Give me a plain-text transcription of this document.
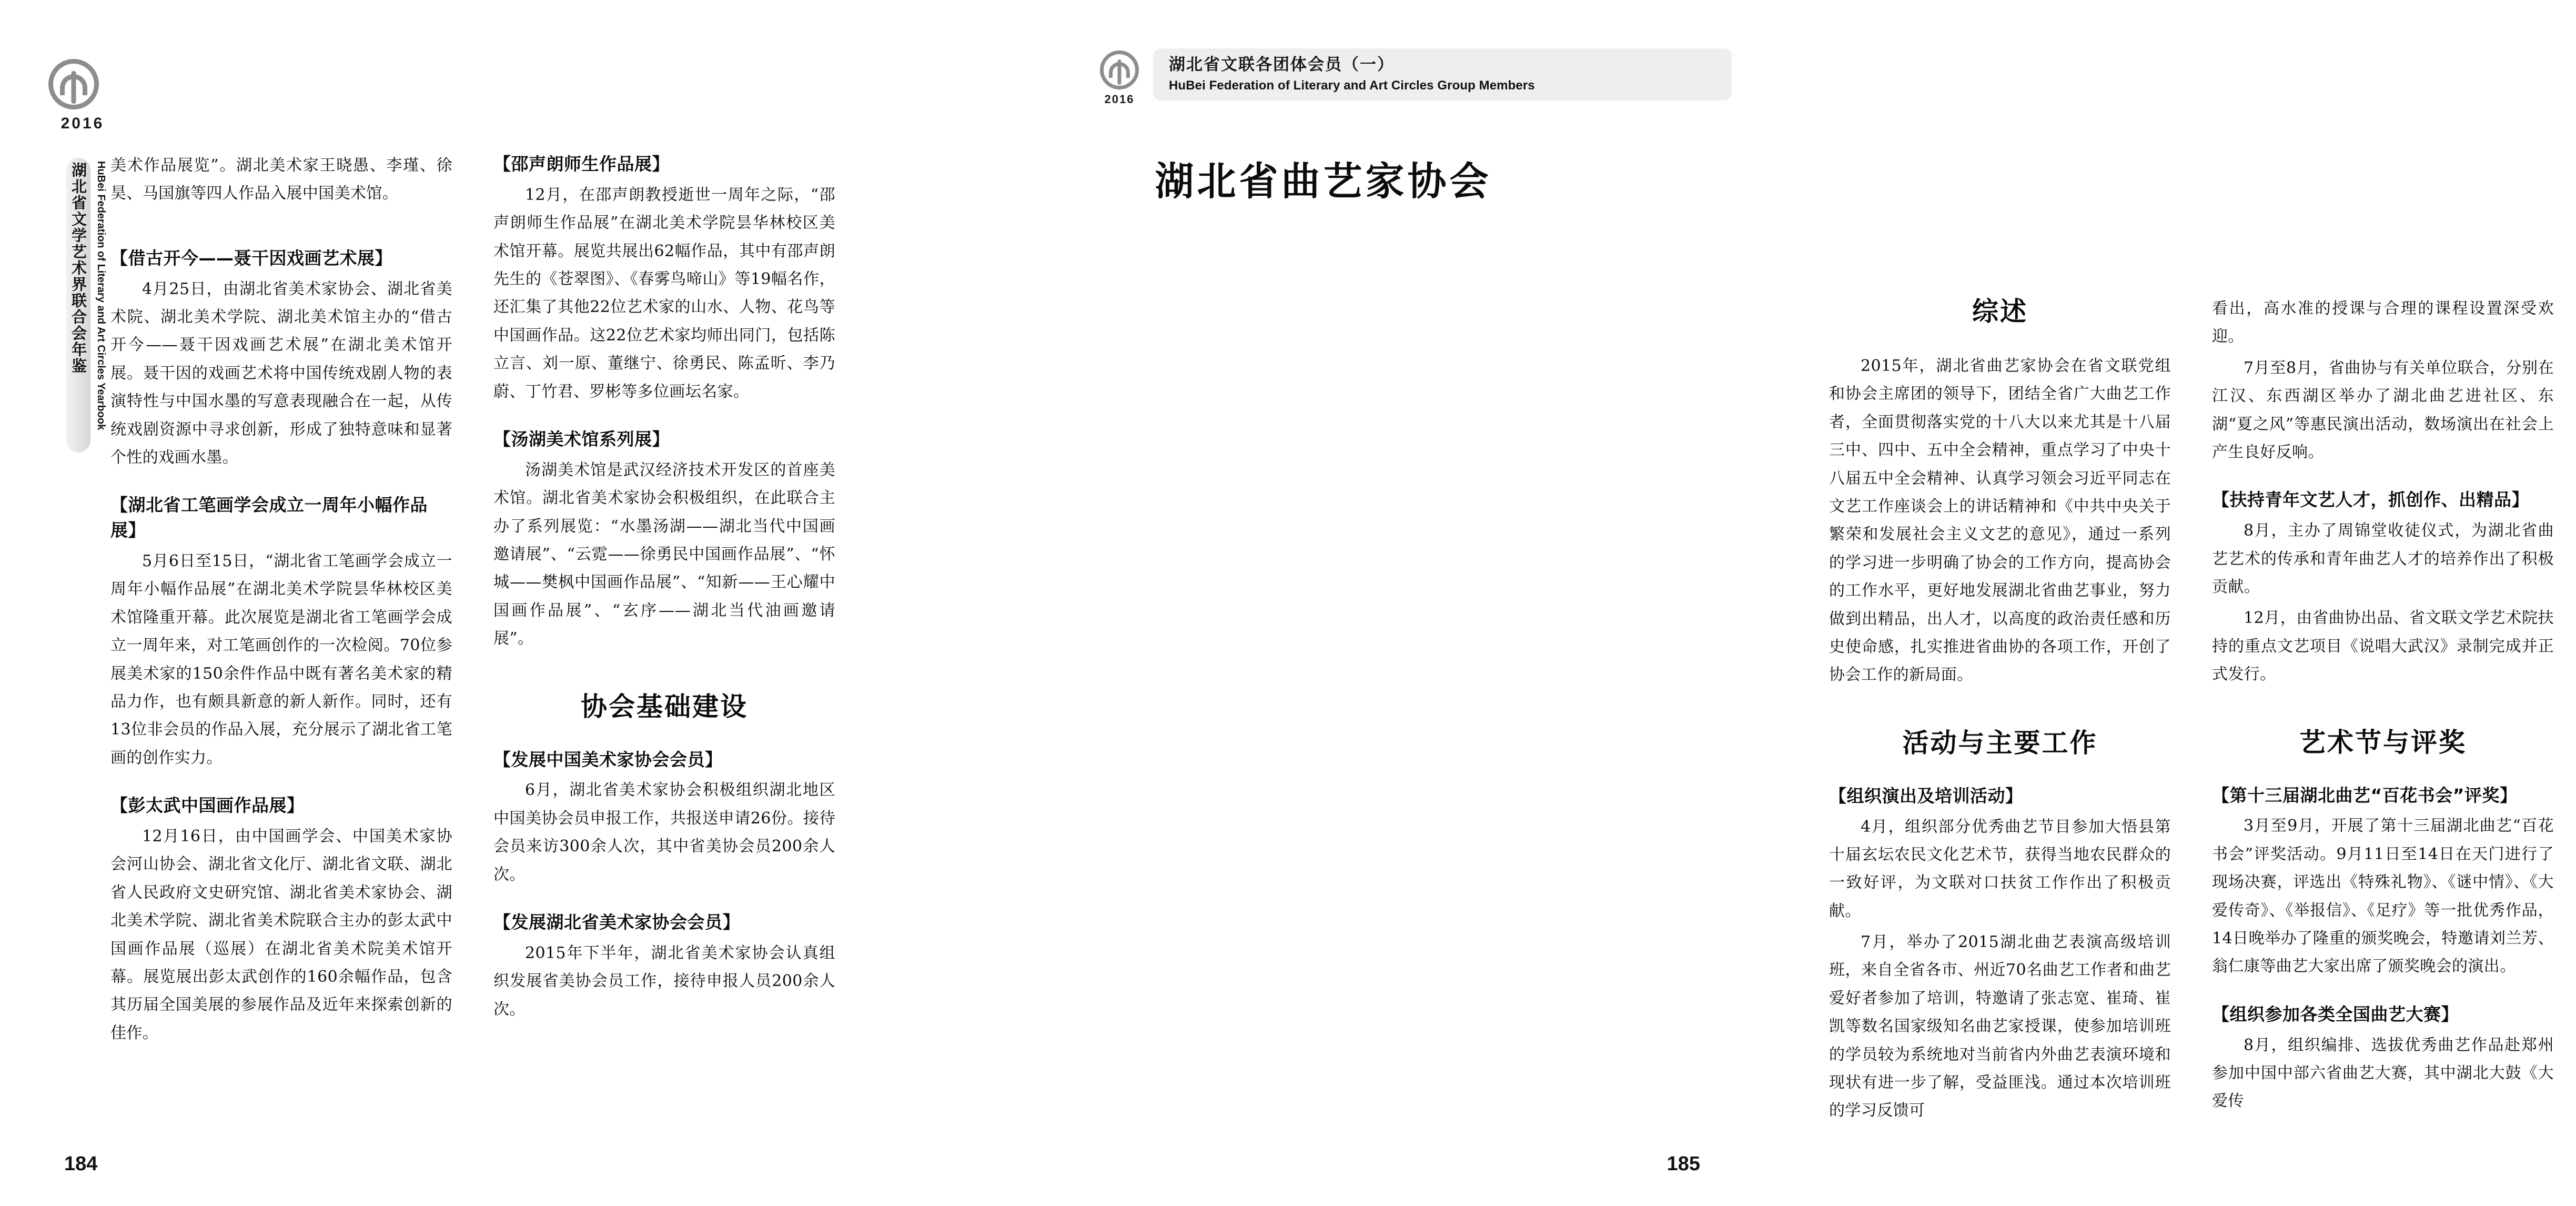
2016
湖北省文学艺术界联合会年鉴 HuBei Federation of Literary and Art Circles Yearbook 美术作品展览”。湖北美术家王晓愚、李瑾、徐昊、马国旗等四人作品入展中国美术馆。

【借古开今——聂干因戏画艺术展】

4月25日，由湖北省美术家协会、湖北省美术院、湖北美术学院、湖北美术馆主办的“借古开今——聂干因戏画艺术展”在湖北美术馆开展。聂干因的戏画艺术将中国传统戏剧人物的表演特性与中国水墨的写意表现融合在一起，从传统戏剧资源中寻求创新，形成了独特意味和显著个性的戏画水墨。

【湖北省工笔画学会成立一周年小幅作品展】

5月6日至15日，“湖北省工笔画学会成立一周年小幅作品展”在湖北美术学院昙华林校区美术馆隆重开幕。此次展览是湖北省工笔画学会成立一周年来，对工笔画创作的一次检阅。70位参展美术家的150余件作品中既有著名美术家的精品力作，也有颇具新意的新人新作。同时，还有13位非会员的作品入展，充分展示了湖北省工笔画的创作实力。

【彭太武中国画作品展】

12月16日，由中国画学会、中国美术家协会河山协会、湖北省文化厅、湖北省文联、湖北省人民政府文史研究馆、湖北省美术家协会、湖北美术学院、湖北省美术院联合主办的彭太武中国画作品展（巡展）在湖北省美术院美术馆开幕。展览展出彭太武创作的160余幅作品，包含其历届全国美展的参展作品及近年来探索创新的佳作。

【邵声朗师生作品展】

12月，在邵声朗教授逝世一周年之际，“邵声朗师生作品展”在湖北美术学院昙华林校区美术馆开幕。展览共展出62幅作品，其中有邵声朗先生的《苍翠图》、《春雾鸟啼山》等19幅名作，还汇集了其他22位艺术家的山水、人物、花鸟等中国画作品。这22位艺术家均师出同门，包括陈立言、刘一原、董继宁、徐勇民、陈孟昕、李乃蔚、丁竹君、罗彬等多位画坛名家。

【汤湖美术馆系列展】

汤湖美术馆是武汉经济技术开发区的首座美术馆。湖北省美术家协会积极组织，在此联合主办了系列展览：“水墨汤湖——湖北当代中国画邀请展”、“云霓——徐勇民中国画作品展”、“怀城——樊枫中国画作品展”、“知新——王心耀中国画作品展”、“玄序——湖北当代油画邀请展”。

协会基础建设
【发展中国美术家协会会员】

6月，湖北省美术家协会积极组织湖北地区中国美协会员申报工作，共报送申请26份。接待会员来访300余人次，其中省美协会员200余人次。

【发展湖北省美术家协会会员】

2015年下半年，湖北省美术家协会认真组织发展省美协会员工作，接待申报人员200余人次。

184
2016
湖北省文联各团体会员（一）
HuBei Federation of Literary and Art Circles Group Members
湖北省曲艺家协会
综述

2015年，湖北省曲艺家协会在省文联党组和协会主席团的领导下，团结全省广大曲艺工作者，全面贯彻落实党的十八大以来尤其是十八届三中、四中、五中全会精神，重点学习了中央十八届五中全会精神、认真学习领会习近平同志在文艺工作座谈会上的讲话精神和《中共中央关于繁荣和发展社会主义文艺的意见》，通过一系列的学习进一步明确了协会的工作方向，提高协会的工作水平，更好地发展湖北省曲艺事业，努力做到出精品，出人才，以高度的政治责任感和历史使命感，扎实推进省曲协的各项工作，开创了协会工作的新局面。

活动与主要工作
【组织演出及培训活动】

4月，组织部分优秀曲艺节目参加大悟县第十届玄坛农民文化艺术节，获得当地农民群众的一致好评，为文联对口扶贫工作作出了积极贡献。

7月，举办了2015湖北曲艺表演高级培训班，来自全省各市、州近70名曲艺工作者和曲艺爱好者参加了培训，特邀请了张志宽、崔琦、崔凯等数名国家级知名曲艺家授课，使参加培训班的学员较为系统地对当前省内外曲艺表演环境和现状有进一步了解，受益匪浅。通过本次培训班的学习反馈可

看出，高水准的授课与合理的课程设置深受欢迎。

7月至8月，省曲协与有关单位联合，分别在江汉、东西湖区举办了湖北曲艺进社区、东湖“夏之风”等惠民演出活动，数场演出在社会上产生良好反响。

【扶持青年文艺人才，抓创作、出精品】

8月，主办了周锦堂收徒仪式，为湖北省曲艺艺术的传承和青年曲艺人才的培养作出了积极贡献。

12月，由省曲协出品、省文联文学艺术院扶持的重点文艺项目《说唱大武汉》录制完成并正式发行。

艺术节与评奖
【第十三届湖北曲艺“百花书会”评奖】

3月至9月，开展了第十三届湖北曲艺“百花书会”评奖活动。9月11日至14日在天门进行了现场决赛，评选出《特殊礼物》、《谜中情》、《大爱传奇》、《举报信》、《足疗》等一批优秀作品，14日晚举办了隆重的颁奖晚会，特邀请刘兰芳、翁仁康等曲艺大家出席了颁奖晚会的演出。

【组织参加各类全国曲艺大赛】

8月，组织编排、选拔优秀曲艺作品赴郑州参加中国中部六省曲艺大赛，其中湖北大鼓《大爱传

185
